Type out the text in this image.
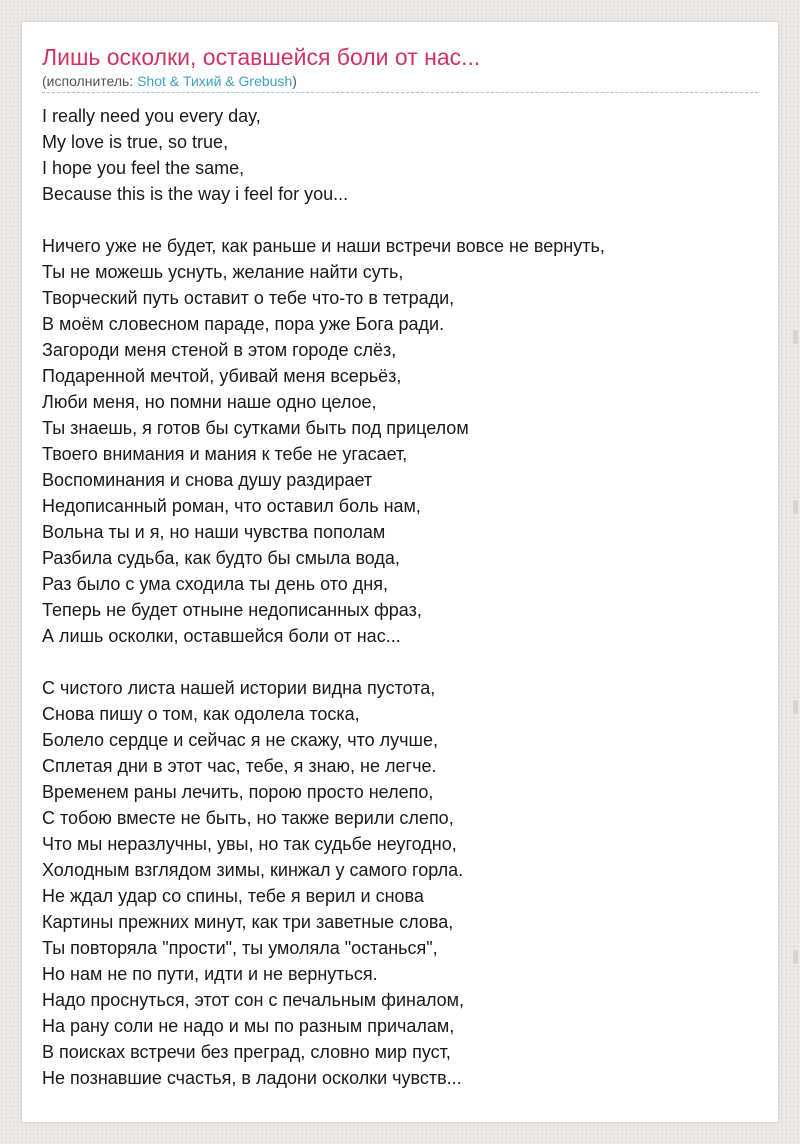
Лишь осколки, оставшейся боли от нас...
(исполнитель: Shot & Тихий & Grebush)
I really need you every day,
My love is true, so true,
I hope you feel the same,
Because this is the way i feel for you...
Ничего уже не будет, как раньше и наши встречи вовсе не вернуть,
Ты не можешь уснуть, желание найти суть,
Творческий путь оставит о тебе что-то в тетради,
В моём словесном параде, пора уже Бога ради.
Загороди меня стеной в этом городе слёз,
Подаренной мечтой, убивай меня всерьёз,
Люби меня, но помни наше одно целое,
Ты знаешь, я готов бы сутками быть под прицелом
Твоего внимания и мания к тебе не угасает,
Воспоминания и снова душу раздирает
Недописанный роман, что оставил боль нам,
Вольна ты и я, но наши чувства пополам
Разбила судьба, как будто бы смыла вода,
Раз было с ума сходила ты день ото дня,
Теперь не будет отныне недописанных фраз,
А лишь осколки, оставшейся боли от нас...
С чистого листа нашей истории видна пустота,
Снова пишу о том, как одолела тоска,
Болело сердце и сейчас я не скажу, что лучше,
Сплетая дни в этот час, тебе, я знаю, не легче.
Временем раны лечить, порою просто нелепо,
С тобою вместе не быть, но также верили слепо,
Что мы неразлучны, увы, но так судьбе неугодно,
Холодным взглядом зимы, кинжал у самого горла.
Не ждал удар со спины, тебе я верил и снова
Картины прежних минут, как три заветные слова,
Ты повторяла "прости", ты умоляла "останься",
Но нам не по пути, идти и не вернуться.
Надо проснуться, этот сон с печальным финалом,
На рану соли не надо и мы по разным причалам,
В поисках встречи без преград, словно мир пуст,
Не познавшие счастья, в ладони осколки чувств...
